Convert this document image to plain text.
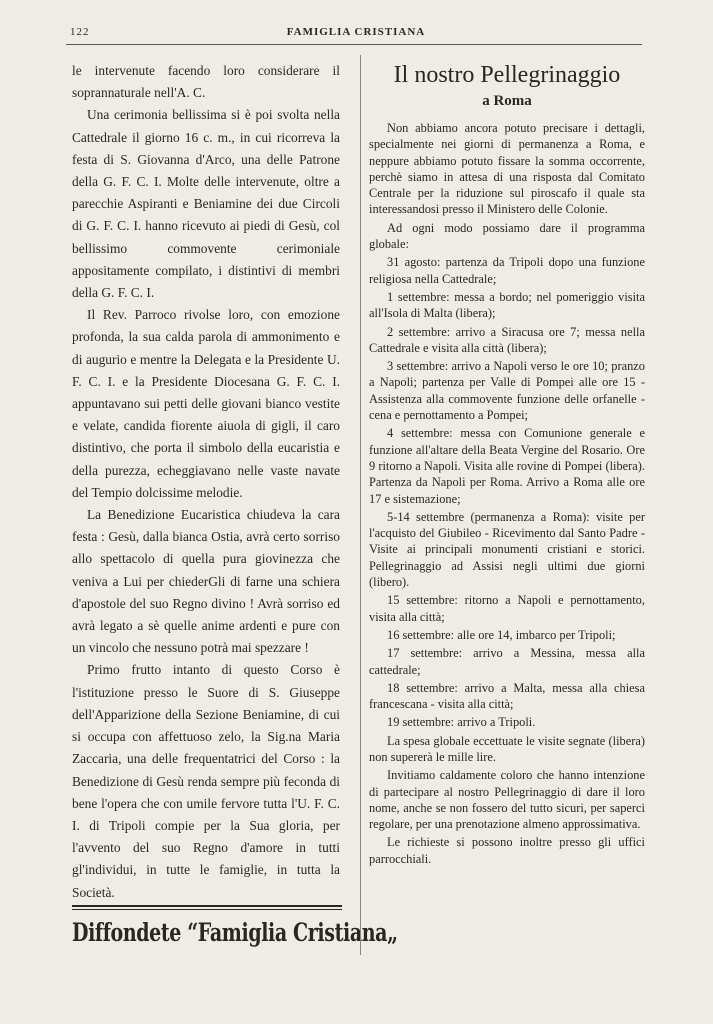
122	FAMIGLIA CRISTIANA

le intervenute facendo loro considerare il soprannaturale nell'A. C.

Una cerimonia bellissima si è poi svolta nella Cattedrale il giorno 16 c. m., in cui ricorreva la festa di S. Giovanna d'Arco, una delle Patrone della G. F. C. I. Molte delle intervenute, oltre a parecchie Aspiranti e Beniamine dei due Circoli di G. F. C. I. hanno ricevuto ai piedi di Gesù, col bellissimo commovente cerimoniale appositamente compilato, i distintivi di membri della G. F. C. I.

Il Rev. Parroco rivolse loro, con emozione profonda, la sua calda parola di ammonimento e di augurio e mentre la Delegata e la Presidente U. F. C. I. e la Presidente Diocesana G. F. C. I. appuntavano sui petti delle giovani bianco vestite e velate, candida fiorente aiuola di gigli, il caro distintivo, che porta il simbolo della eucaristia e della purezza, echeggiavano nelle vaste navate del Tempio dolcissime melodie.

La Benedizione Eucaristica chiudeva la cara festa : Gesù, dalla bianca Ostia, avrà certo sorriso allo spettacolo di quella pura giovinezza che veniva a Lui per chiederGli di farne una schiera d'apostole del suo Regno divino ! Avrà sorriso ed avrà legato a sè quelle anime ardenti e pure con un vincolo che nessuno potrà mai spezzare !

Primo frutto intanto di questo Corso è l'istituzione presso le Suore di S. Giuseppe dell'Apparizione della Sezione Beniamine, di cui si occupa con affettuoso zelo, la Sig.na Maria Zaccaria, una delle frequentatrici del Corso : la Benedizione di Gesù renda sempre più feconda di bene l'opera che con umile fervore tutta l'U. F. C. I. di Tripoli compie per la Sua gloria, per l'avvento del suo Regno d'amore in tutti gl'individui, in tutte le famiglie, in tutta la Società.

Diffondete “Famiglia Cristiana„
Il nostro Pellegrinaggio
a Roma

Non abbiamo ancora potuto precisare i dettagli, specialmente nei giorni di permanenza a Roma, e neppure abbiamo potuto fissare la somma occorrente, perchè siamo in attesa di una risposta dal Comitato Centrale per la riduzione sul piroscafo il quale sta interessandosi presso il Ministero delle Colonie.

Ad ogni modo possiamo dare il programma globale:

31 agosto: partenza da Tripoli dopo una funzione religiosa nella Cattedrale;

1 settembre: messa a bordo; nel pomeriggio visita all'Isola di Malta (libera);

2 settembre: arrivo a Siracusa ore 7; messa nella Cattedrale e visita alla città (libera);

3 settembre: arrivo a Napoli verso le ore 10; pranzo a Napoli; partenza per Valle di Pompei alle ore 15 - Assistenza alla commovente funzione delle orfanelle - cena e pernottamento a Pompei;

4 settembre: messa con Comunione generale e funzione all'altare della Beata Vergine del Rosario. Ore 9 ritorno a Napoli. Visita alle rovine di Pompei (libera). Partenza da Napoli per Roma. Arrivo a Roma alle ore 17 e sistemazione;

5-14 settembre (permanenza a Roma): visite per l'acquisto del Giubileo - Ricevimento dal Santo Padre - Visite ai principali monumenti cristiani e storici. Pellegrinaggio ad Assisi negli ultimi due giorni (libero).

15 settembre: ritorno a Napoli e pernottamento, visita alla città;

16 settembre: alle ore 14, imbarco per Tripoli;

17 settembre: arrivo a Messina, messa alla cattedrale;

18 settembre: arrivo a Malta, messa alla chiesa francescana - visita alla città;

19 settembre: arrivo a Tripoli.

La spesa globale eccettuate le visite segnate (libera) non supererà le mille lire.

Invitiamo caldamente coloro che hanno intenzione di partecipare al nostro Pellegrinaggio di dare il loro nome, anche se non fossero del tutto sicuri, per saperci regolare, per una prenotazione almeno approssimativa.

Le richieste si possono inoltre presso gli uffici parrocchiali.
